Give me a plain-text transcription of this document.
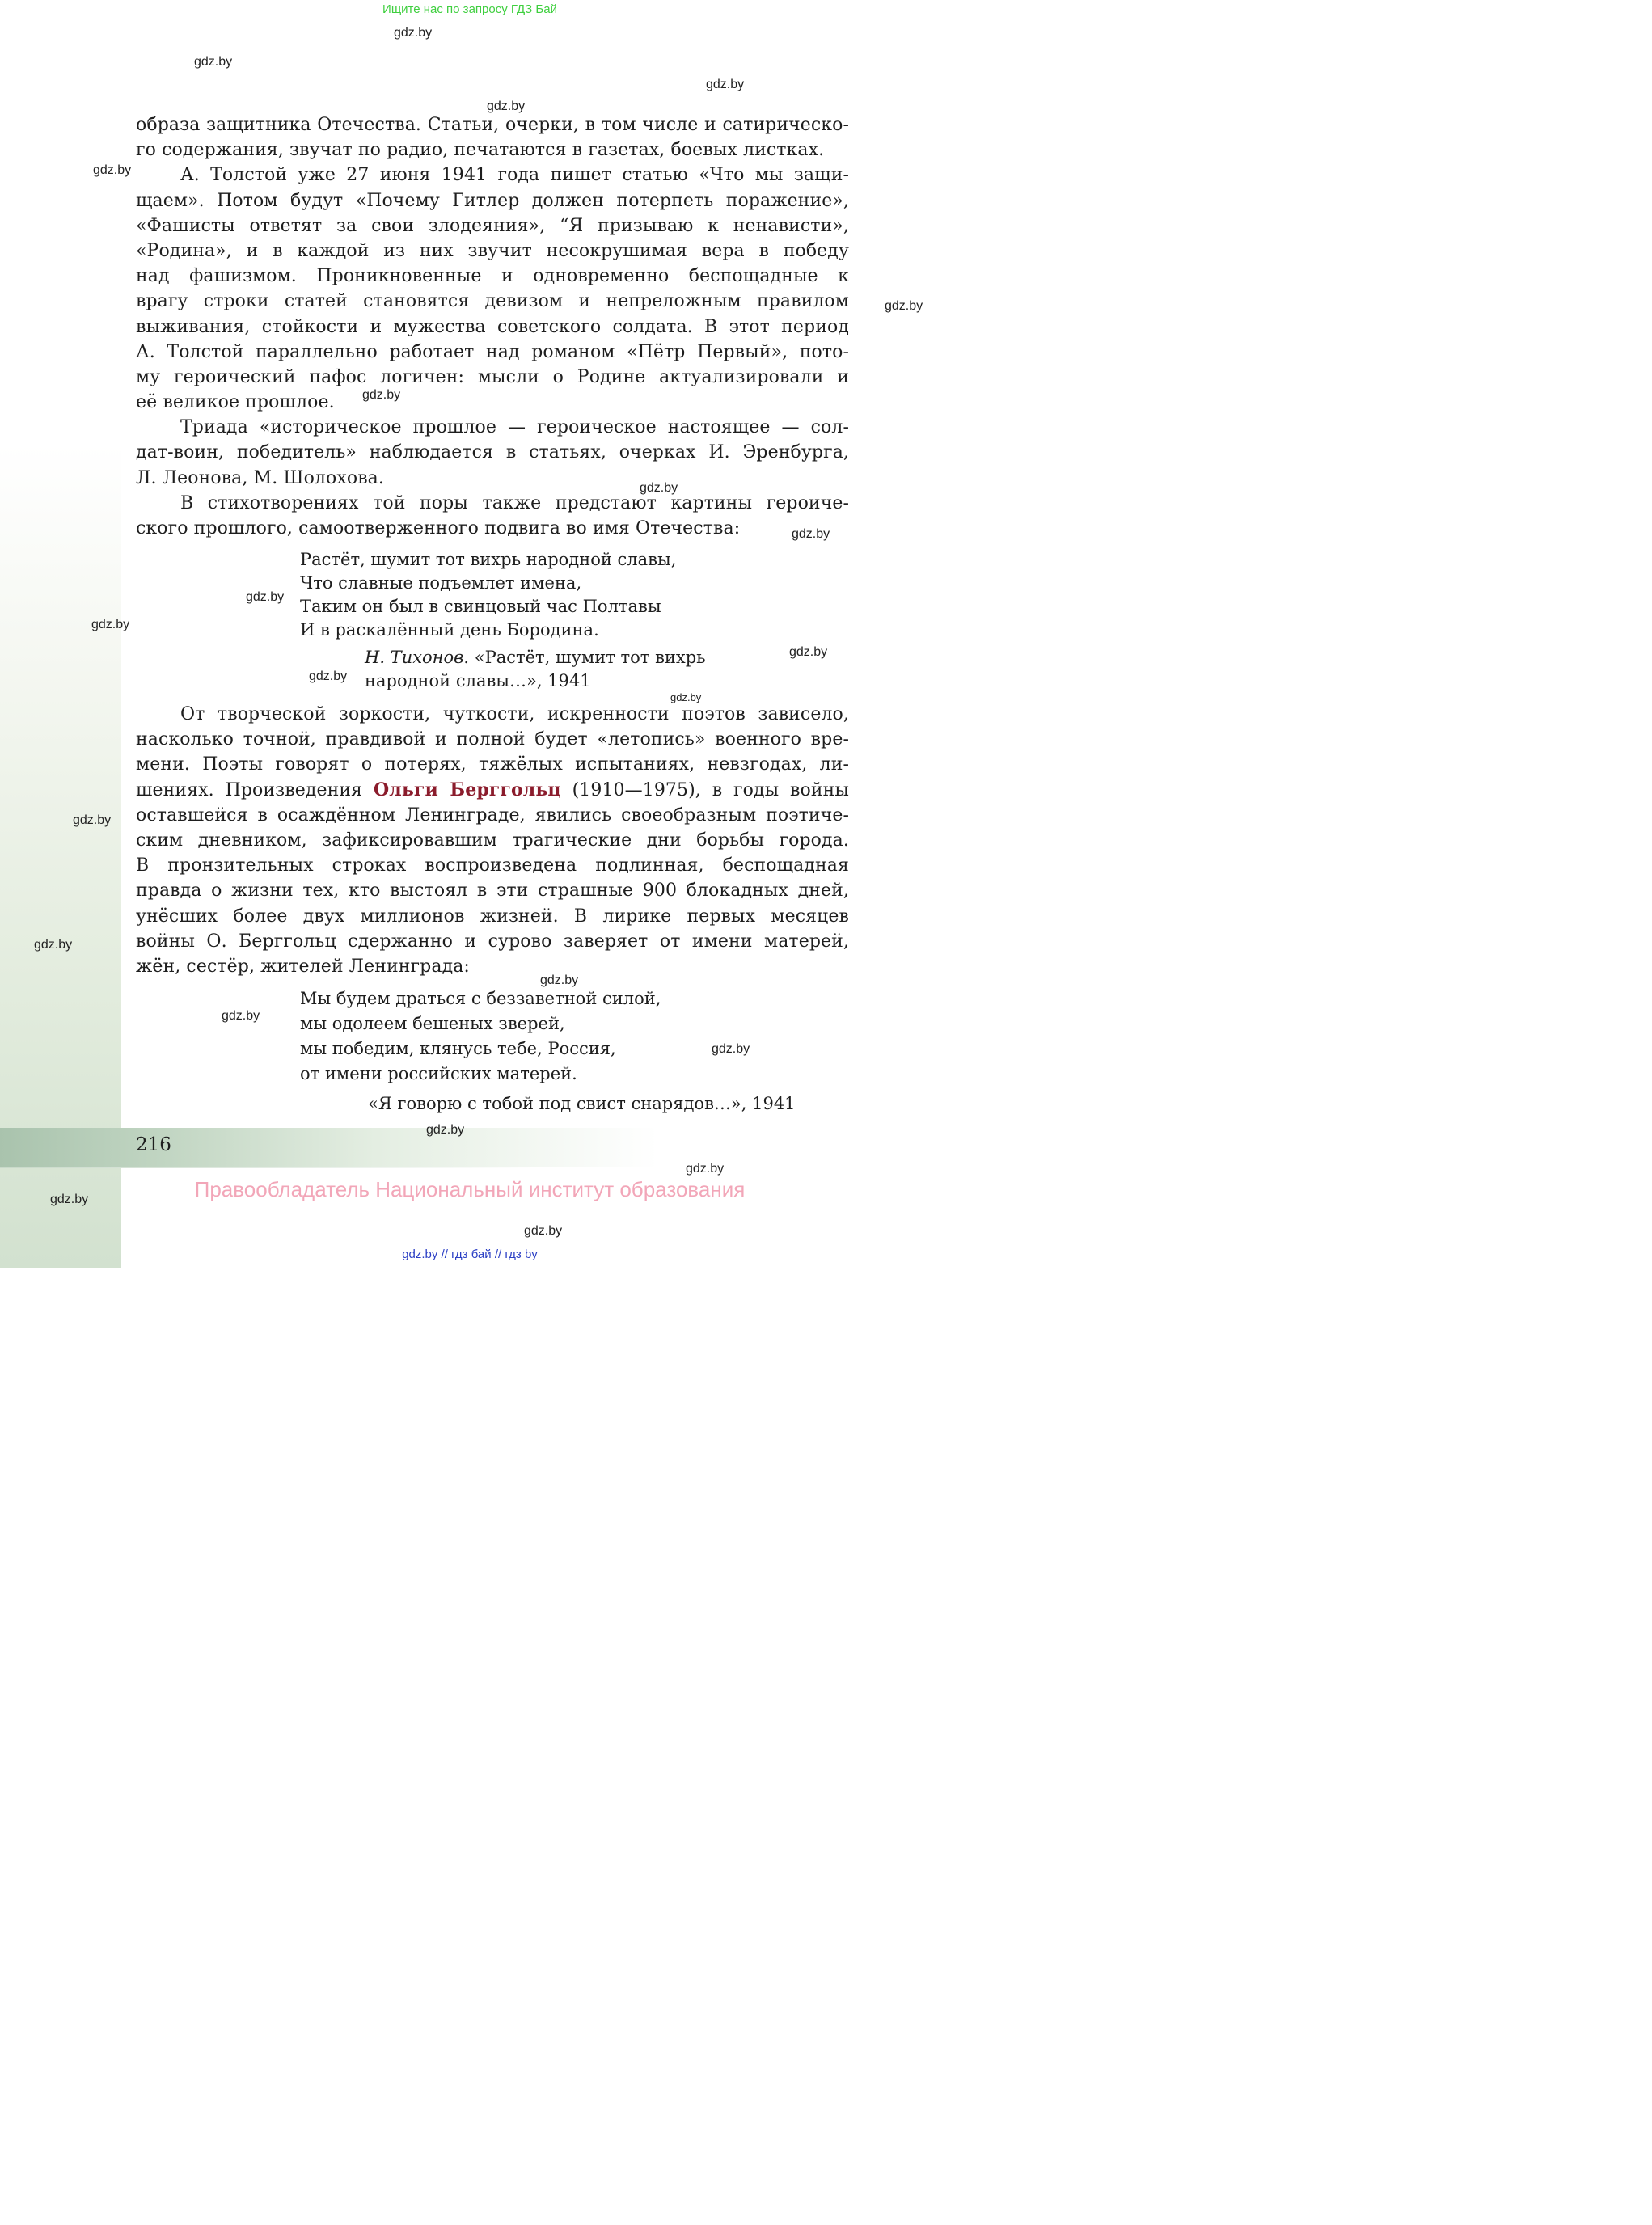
Ищите нас по запросу ГДЗ Бай
gdz.by
gdz.by
gdz.by
gdz.by
gdz.by
gdz.by
gdz.by
gdz.by
gdz.by
gdz.by
gdz.by
gdz.by
gdz.by
gdz.by
gdz.by
gdz.by
gdz.by
gdz.by
gdz.by
gdz.by
gdz.by
gdz.by
gdz.by
образа защитника Отечества. Статьи, очерки, в том числе и сатирическо-
го содержания, звучат по радио, печатаются в газетах, боевых листках.
А. Толстой уже 27 июня 1941 года пишет статью «Что мы защи-
щаем». Потом будут «Почему Гитлер должен потерпеть поражение»,
«Фашисты ответят за свои злодеяния», “Я призываю к ненависти»,
«Родина», и в каждой из них звучит несокрушимая вера в победу
над фашизмом. Проникновенные и одновременно беспощадные к
врагу строки статей становятся девизом и непреложным правилом
выживания, стойкости и мужества советского солдата. В этот период
А. Толстой параллельно работает над романом «Пётр Первый», пото-
му героический пафос логичен: мысли о Родине актуализировали и
её великое прошлое.
Триада «историческое прошлое — героическое настоящее — сол-
дат-воин, победитель» наблюдается в статьях, очерках И. Эренбурга,
Л. Леонова, М. Шолохова.
В стихотворениях той поры также предстают картины героиче-
ского прошлого, самоотверженного подвига во имя Отечества:
Растёт, шумит тот вихрь народной славы,
Что славные подъемлет имена,
Таким он был в свинцовый час Полтавы
И в раскалённый день Бородина.
Н. Тихонов. «Растёт, шумит тот вихрь
народной славы…», 1941
От творческой зоркости, чуткости, искренности поэтов зависело,
насколько точной, правдивой и полной будет «летопись» военного вре-
мени. Поэты говорят о потерях, тяжёлых испытаниях, невзгодах, ли-
шениях. Произведения Ольги Берггольц (1910—1975), в годы войны
оставшейся в осаждённом Ленинграде, явились своеобразным поэтиче-
ским дневником, зафиксировавшим трагические дни борьбы города.
В пронзительных строках воспроизведена подлинная, беспощадная
правда о жизни тех, кто выстоял в эти страшные 900 блокадных дней,
унёсших более двух миллионов жизней. В лирике первых месяцев
войны О. Берггольц сдержанно и сурово заверяет от имени матерей,
жён, сестёр, жителей Ленинграда:
Мы будем драться с беззаветной силой,
мы одолеем бешеных зверей,
мы победим, клянусь тебе, Россия,
от имени российских матерей.
«Я говорю с тобой под свист снарядов…», 1941
216
Правообладатель Национальный институт образования
gdz.by // гдз бай // гдз by
